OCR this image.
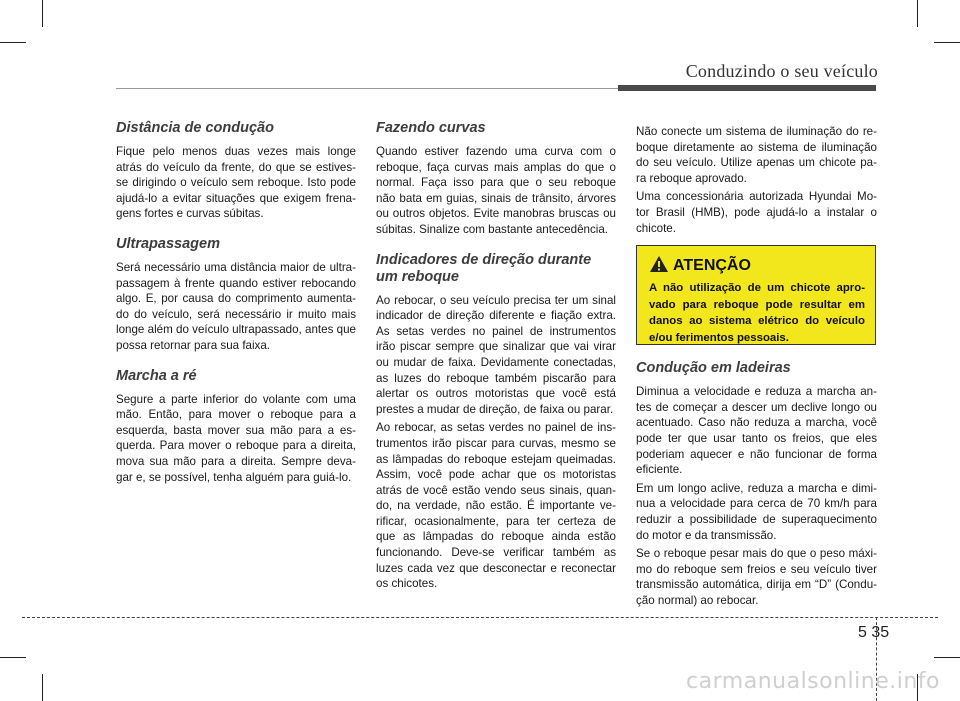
Conduzindo o seu veículo
Distância de condução

Fique pelo menos duas vezes mais longe atrás do veículo da frente, do que se estives-se dirigindo o veículo sem reboque. Isto pode ajudá-lo a evitar situações que exigem frena-gens fortes e curvas súbitas.

Ultrapassagem

Será necessário uma distância maior de ultra-passagem à frente quando estiver rebocando algo. E, por causa do comprimento aumenta-do do veículo, será necessário ir muito mais longe além do veículo ultrapassado, antes que possa retornar para sua faixa.

Marcha a ré

Segure a parte inferior do volante com uma mão. Então, para mover o reboque para a esquerda, basta mover sua mão para a es-querda. Para mover o reboque para a direita, mova sua mão para a direita. Sempre deva-gar e, se possível, tenha alguém para guiá-lo.

Fazendo curvas

Quando estiver fazendo uma curva com o reboque, faça curvas mais amplas do que o normal. Faça isso para que o seu reboque não bata em guias, sinais de trânsito, árvores ou outros objetos. Evite manobras bruscas ou súbitas. Sinalize com bastante antecedência.

Indicadores de direção durante um reboque

Ao rebocar, o seu veículo precisa ter um sinal indicador de direção diferente e fiação extra. As setas verdes no painel de instrumentos irão piscar sempre que sinalizar que vai virar ou mudar de faixa. Devidamente conectadas, as luzes do reboque também piscarão para alertar os outros motoristas que você está prestes a mudar de direção, de faixa ou parar.

Ao rebocar, as setas verdes no painel de ins-trumentos irão piscar para curvas, mesmo se as lâmpadas do reboque estejam queimadas. Assim, você pode achar que os motoristas atrás de você estão vendo seus sinais, quan-do, na verdade, não estão. É importante ve-rificar, ocasionalmente, para ter certeza de que as lâmpadas do reboque ainda estão funcionando. Deve-se verificar também as luzes cada vez que desconectar e reconectar os chicotes.

Não conecte um sistema de iluminação do re-boque diretamente ao sistema de iluminação do seu veículo. Utilize apenas um chicote pa-ra reboque aprovado.

Uma concessionária autorizada Hyundai Mo-tor Brasil (HMB), pode ajudá-lo a instalar o chicote.

ATENÇÃO
A não utilização de um chicote apro-vado para reboque pode resultar em danos ao sistema elétrico do veículo e/ou ferimentos pessoais.
Condução em ladeiras

Diminua a velocidade e reduza a marcha an-tes de começar a descer um declive longo ou acentuado. Caso não reduza a marcha, você pode ter que usar tanto os freios, que eles poderiam aquecer e não funcionar de forma eficiente.

Em um longo aclive, reduza a marcha e dimi-nua a velocidade para cerca de 70 km/h para reduzir a possibilidade de superaquecimento do motor e da transmissão.

Se o reboque pesar mais do que o peso máxi-mo do reboque sem freios e seu veículo tiver transmissão automática, dirija em “D” (Condu-ção normal) ao rebocar.

5 35
carmanualsonline.info
